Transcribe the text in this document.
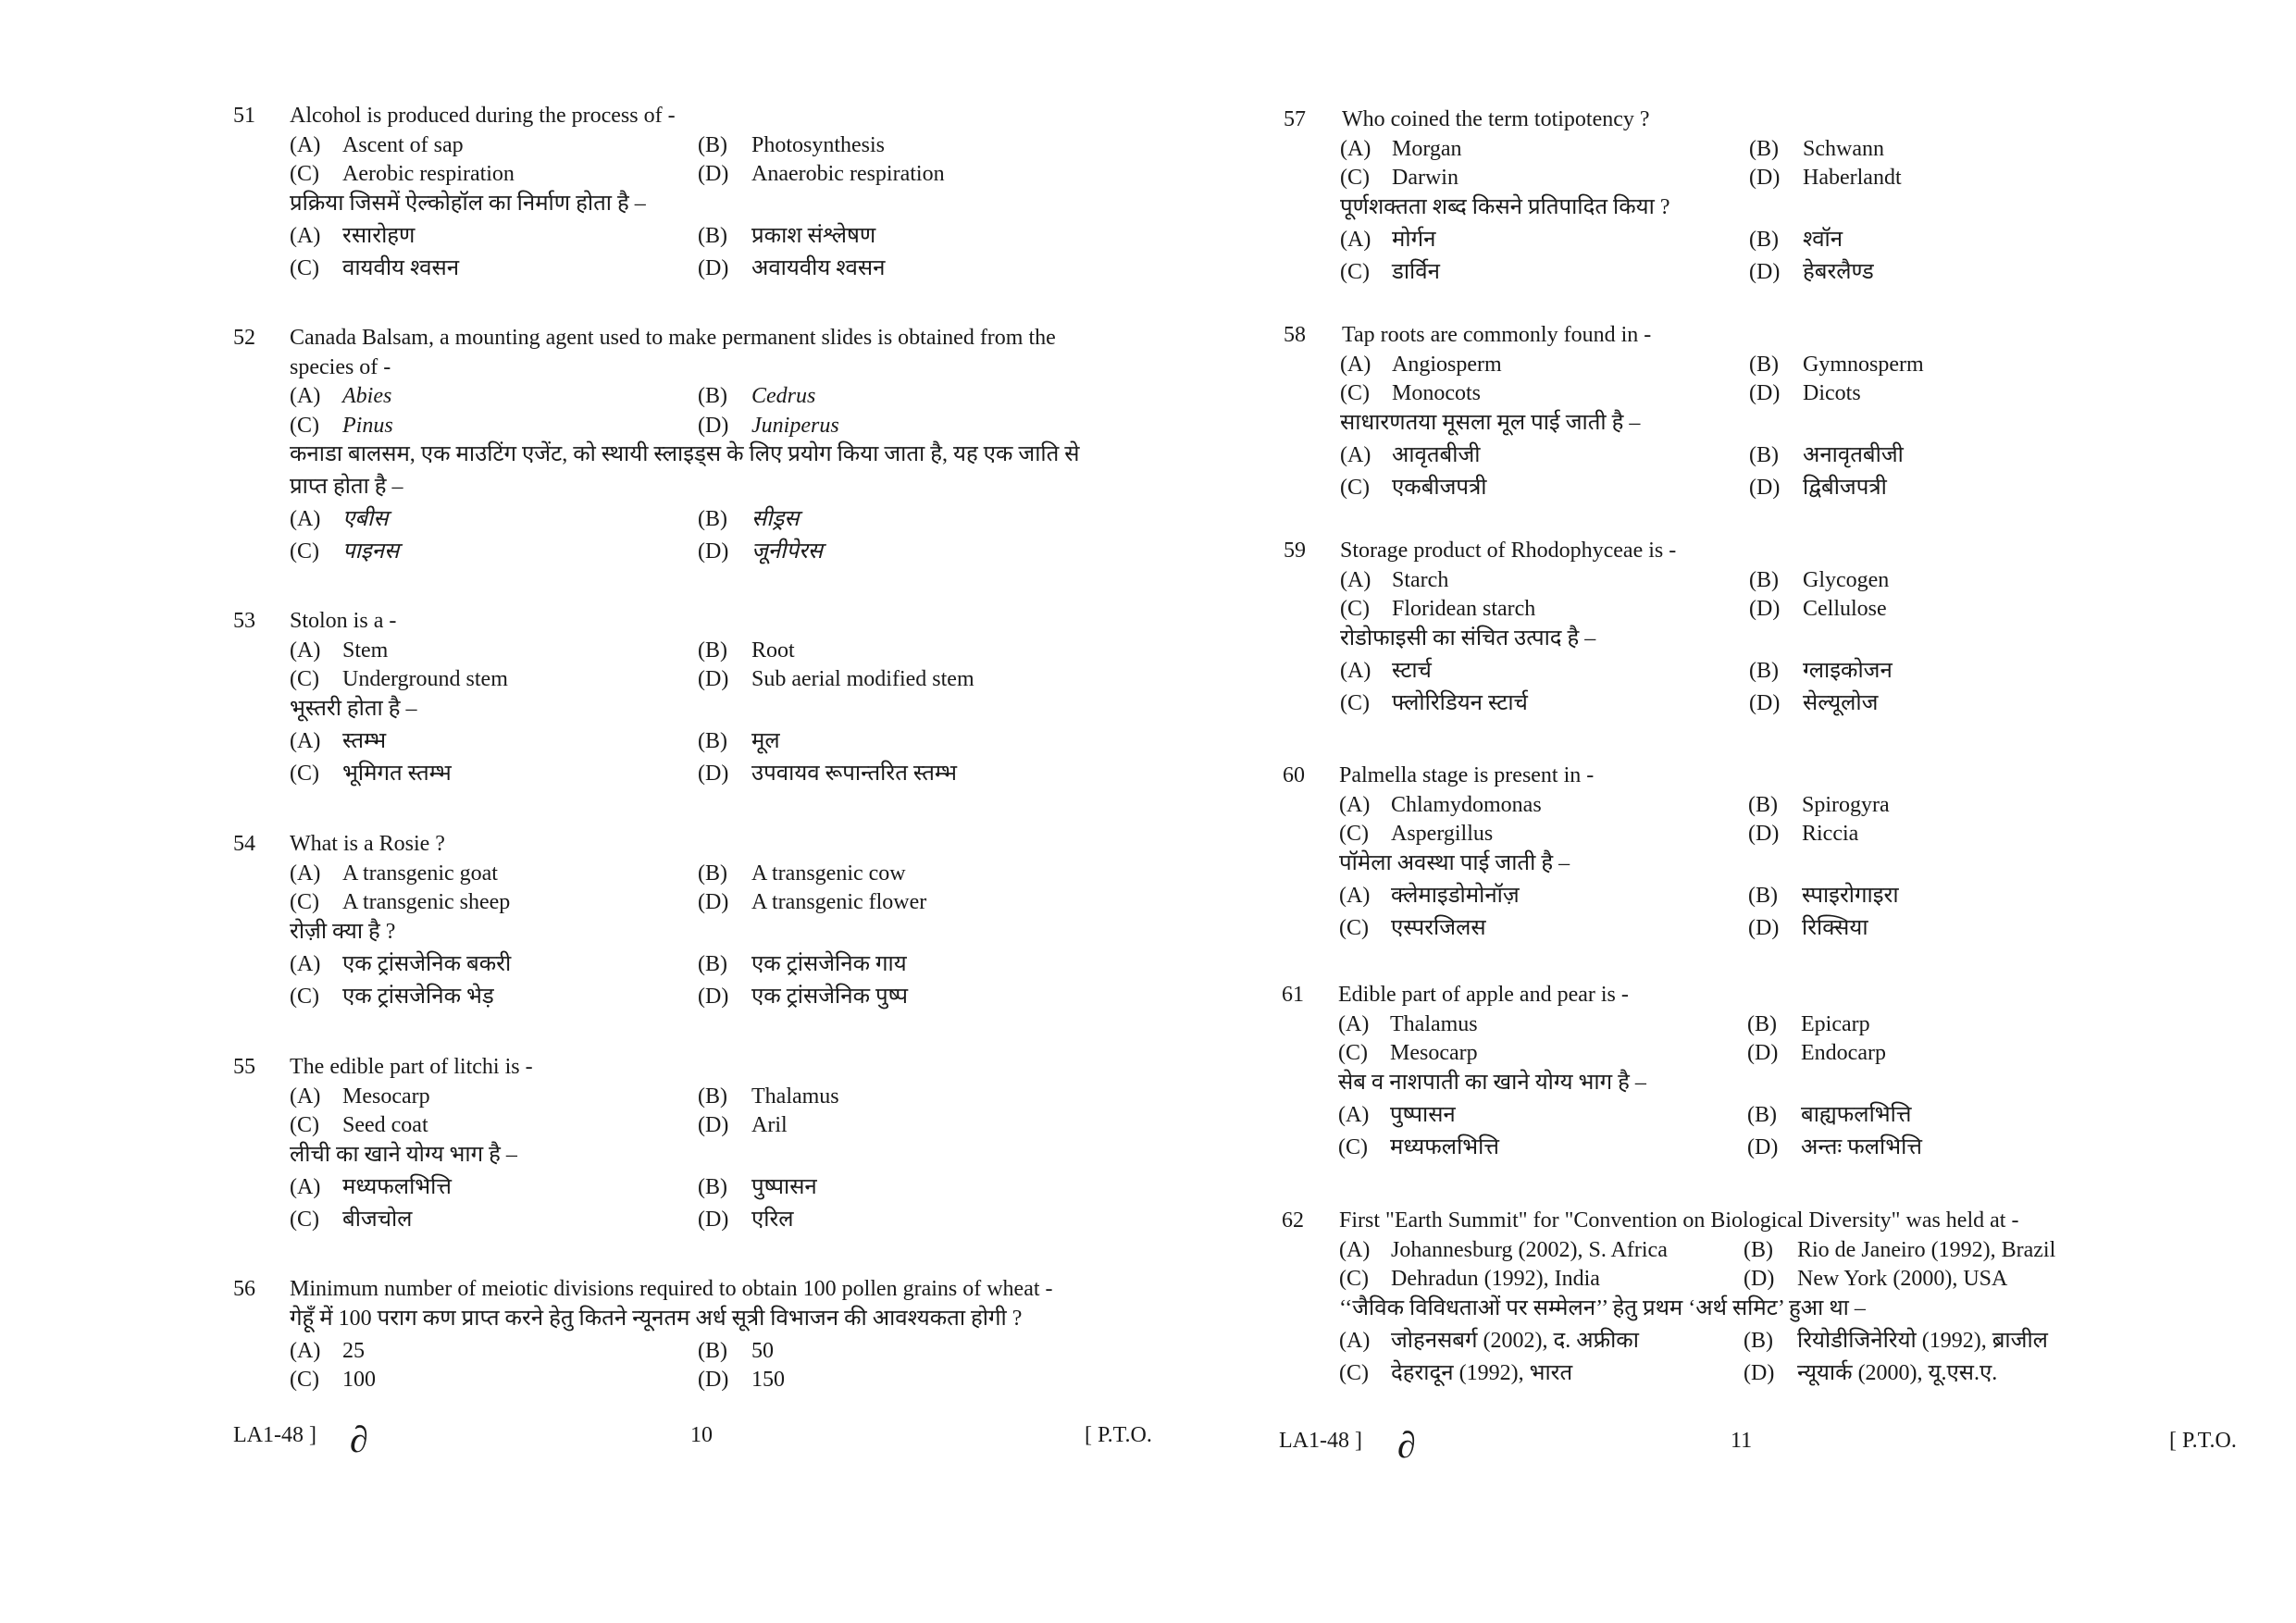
51 Alcohol is produced during the process of -
(A) Ascent of sap	(B) Photosynthesis
(C) Aerobic respiration	(D) Anaerobic respiration
प्रक्रिया जिसमें ऐल्कोहॉल का निर्माण होता है –
(A) रसारोहण	(B) प्रकाश संश्लेषण
(C) वायवीय श्वसन	(D) अवायवीय श्वसन
52 Canada Balsam, a mounting agent used to make permanent slides is obtained from the
species of -
(A) Abies	(B) Cedrus
(C) Pinus	(D) Juniperus
कनाडा बालसम, एक माउटिंग एजेंट, को स्थायी स्लाइड्स के लिए प्रयोग किया जाता है, यह एक जाति से
प्राप्त होता है –
(A) एबीस	(B) सीड्रस
(C) पाइनस	(D) जूनीपेरस
53 Stolon is a -
(A) Stem	(B) Root
(C) Underground stem	(D) Sub aerial modified stem
भूस्तरी होता है –
(A) स्तम्भ	(B) मूल
(C) भूमिगत स्तम्भ	(D) उपवायव रूपान्तरित स्तम्भ
54 What is a Rosie ?
(A) A transgenic goat	(B) A transgenic cow
(C) A transgenic sheep	(D) A transgenic flower
रोज़ी क्या है ?
(A) एक ट्रांसजेनिक बकरी	(B) एक ट्रांसजेनिक गाय
(C) एक ट्रांसजेनिक भेड़	(D) एक ट्रांसजेनिक पुष्प
55 The edible part of litchi is -
(A) Mesocarp	(B) Thalamus
(C) Seed coat	(D) Aril
लीची का खाने योग्य भाग है –
(A) मध्यफलभित्ति	(B) पुष्पासन
(C) बीजचोल	(D) एरिल
56 Minimum number of meiotic divisions required to obtain 100 pollen grains of wheat -
गेहूँ में 100 पराग कण प्राप्त करने हेतु कितने न्यूनतम अर्ध सूत्री विभाजन की आवश्यकता होगी ?
(A) 25	(B) 50
(C) 100	(D) 150
LA1-48 ] ∂	10	[ P.T.O.
57 Who coined the term totipotency ?
(A) Morgan	(B) Schwann
(C) Darwin	(D) Haberlandt
पूर्णशक्तता शब्द किसने प्रतिपादित किया ?
(A) मोर्गन	(B) श्वॉन
(C) डार्विन	(D) हेबरलैण्ड
58 Tap roots are commonly found in -
(A) Angiosperm	(B) Gymnosperm
(C) Monocots	(D) Dicots
साधारणतया मूसला मूल पाई जाती है –
(A) आवृतबीजी	(B) अनावृतबीजी
(C) एकबीजपत्री	(D) द्विबीजपत्री
59 Storage product of Rhodophyceae is -
(A) Starch	(B) Glycogen
(C) Floridean starch	(D) Cellulose
रोडोफाइसी का संचित उत्पाद है –
(A) स्टार्च	(B) ग्लाइकोजन
(C) फ्लोरिडियन स्टार्च	(D) सेल्यूलोज
60 Palmella stage is present in -
(A) Chlamydomonas	(B) Spirogyra
(C) Aspergillus	(D) Riccia
पॉमेला अवस्था पाई जाती है –
(A) क्लेमाइडोमोनॉज़	(B) स्पाइरोगाइरा
(C) एस्परजिलस	(D) रिक्सिया
61 Edible part of apple and pear is -
(A) Thalamus	(B) Epicarp
(C) Mesocarp	(D) Endocarp
सेब व नाशपाती का खाने योग्य भाग है –
(A) पुष्पासन	(B) बाह्यफलभित्ति
(C) मध्यफलभित्ति	(D) अन्तः फलभित्ति
62 First "Earth Summit" for "Convention on Biological Diversity" was held at -
(A) Johannesburg (2002), S. Africa	(B) Rio de Janeiro (1992), Brazil
(C) Dehradun (1992), India	(D) New York (2000), USA
‘‘जैविक विविधताओं पर सम्मेलन’’ हेतु प्रथम ‘अर्थ समिट’ हुआ था –
(A) जोहनसबर्ग (2002), द. अफ्रीका	(B) रियोडीजिनेरियो (1992), ब्राजील
(C) देहरादून (1992), भारत	(D) न्यूयार्क (2000), यू.एस.ए.
LA1-48 ] ∂	11	[ P.T.O.
